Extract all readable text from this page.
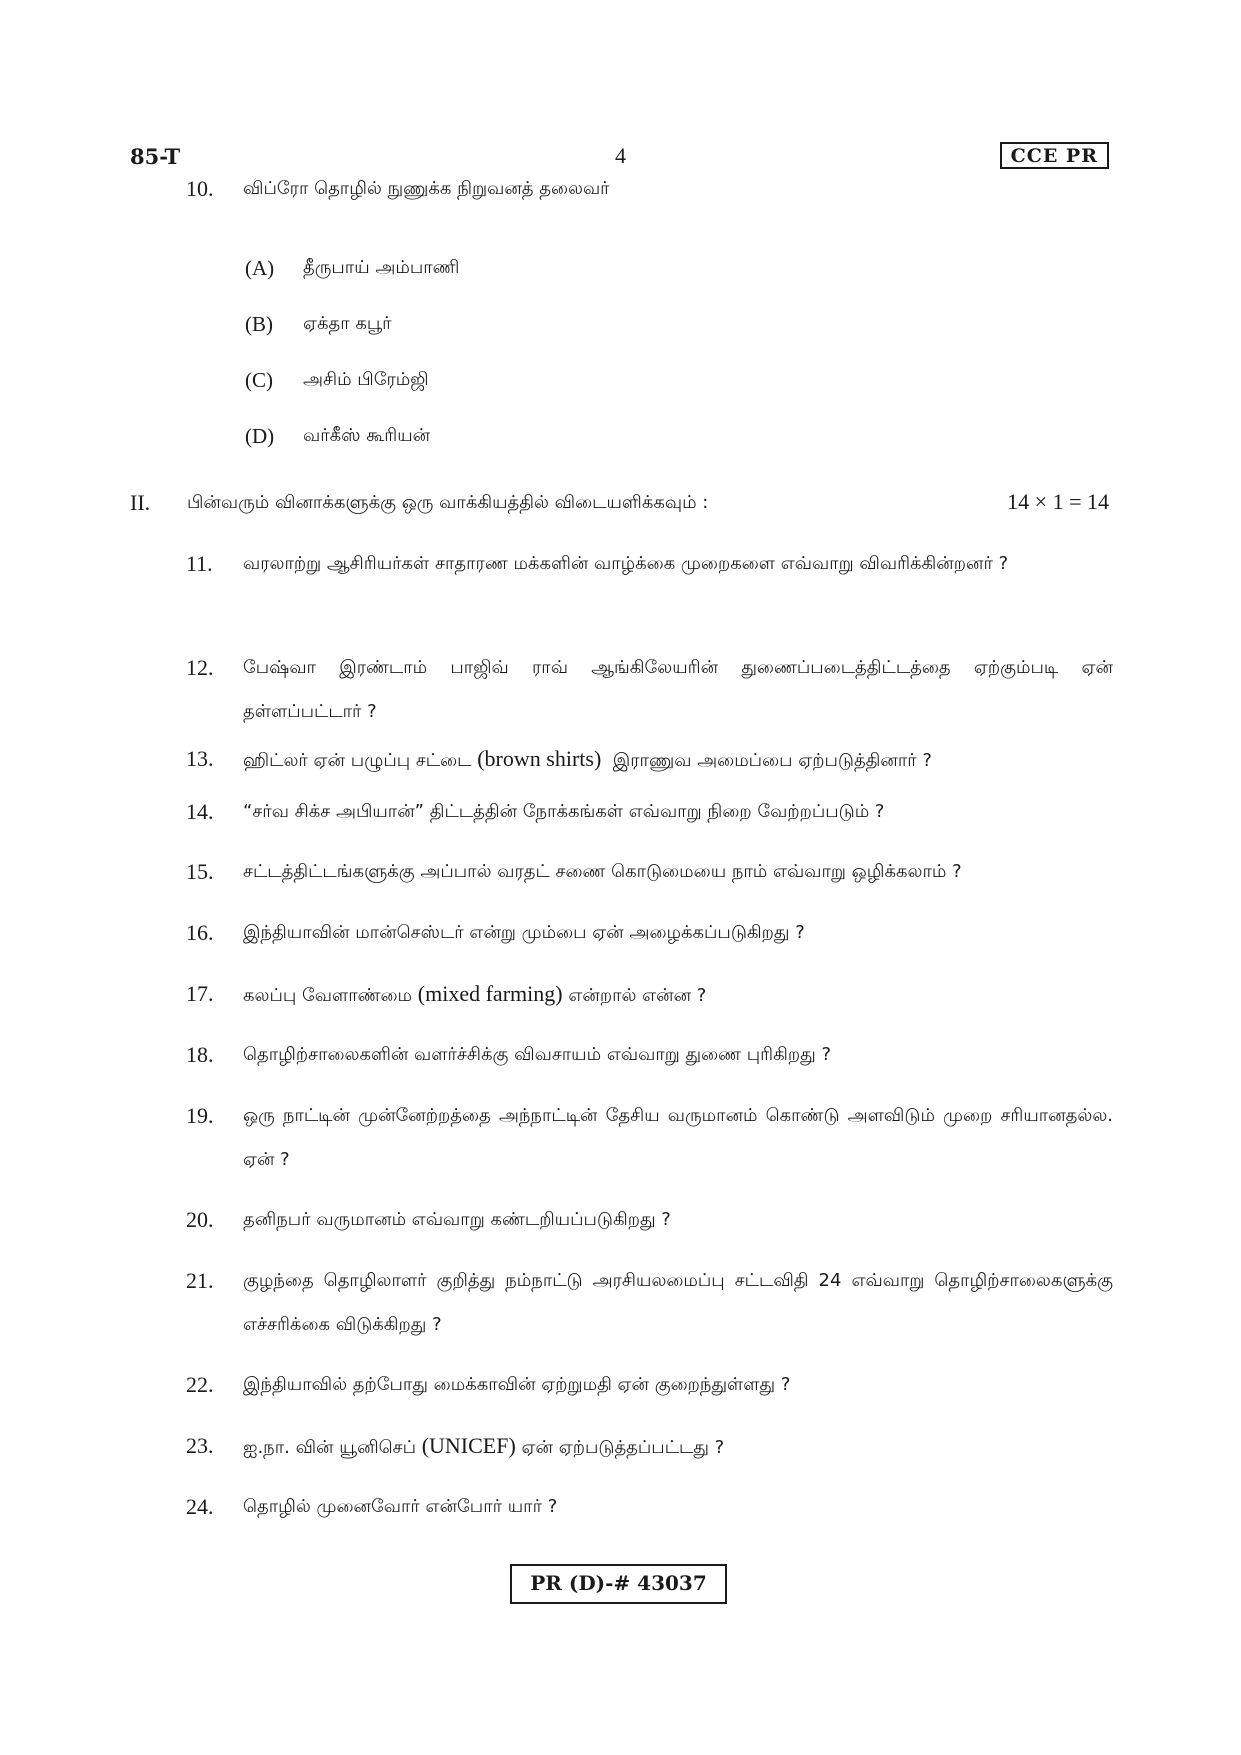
85-T	4	CCE PR
10. விப்ரோ தொழில் நுணுக்க நிறுவனத் தலைவர்
(A) தீருபாய் அம்பாணி
(B) ஏக்தா கபூர்
(C) அசிம் பிரேம்ஜி
(D) வர்கீஸ் கூரியன்
II. பின்வரும் வினாக்களுக்கு ஒரு வாக்கியத்தில் விடையளிக்கவும் :	14 × 1 = 14
11. வரலாற்று ஆசிரியர்கள் சாதாரண மக்களின் வாழ்க்கை முறைகளை எவ்வாறு விவரிக்கின்றனர் ?
12. பேஷ்வா இரண்டாம் பாஜிவ் ராவ் ஆங்கிலேயரின் துணைப்படைத்திட்டத்தை ஏற்கும்படி ஏன் தள்ளப்பட்டார் ?
13. ஹிட்லர் ஏன் பழுப்பு சட்டை (brown shirts) இராணுவ அமைப்பை ஏற்படுத்தினார் ?
14. “சர்வ சிக்ச அபியான்” திட்டத்தின் நோக்கங்கள் எவ்வாறு நிறை வேற்றப்படும் ?
15. சட்டத்திட்டங்களுக்கு அப்பால் வரதட் சணை கொடுமையை நாம் எவ்வாறு ஒழிக்கலாம் ?
16. இந்தியாவின் மான்செஸ்டர் என்று மும்பை ஏன் அழைக்கப்படுகிறது ?
17. கலப்பு வேளாண்மை (mixed farming) என்றால் என்ன ?
18. தொழிற்சாலைகளின் வளர்ச்சிக்கு விவசாயம் எவ்வாறு துணை புரிகிறது ?
19. ஒரு நாட்டின் முன்னேற்றத்தை அந்நாட்டின் தேசிய வருமானம் கொண்டு அளவிடும் முறை சரியானதல்ல. ஏன் ?
20. தனிநபர் வருமானம் எவ்வாறு கண்டறியப்படுகிறது ?
21. குழந்தை தொழிலாளர் குறித்து நம்நாட்டு அரசியலமைப்பு சட்டவிதி 24 எவ்வாறு தொழிற்சாலைகளுக்கு எச்சரிக்கை விடுக்கிறது ?
22. இந்தியாவில் தற்போது மைக்காவின் ஏற்றுமதி ஏன் குறைந்துள்ளது ?
23. ஐ.நா. வின் யூனிசெப் (UNICEF) ஏன் ஏற்படுத்தப்பட்டது ?
24. தொழில் முனைவோர் என்போர் யார் ?
PR (D)-# 43037
